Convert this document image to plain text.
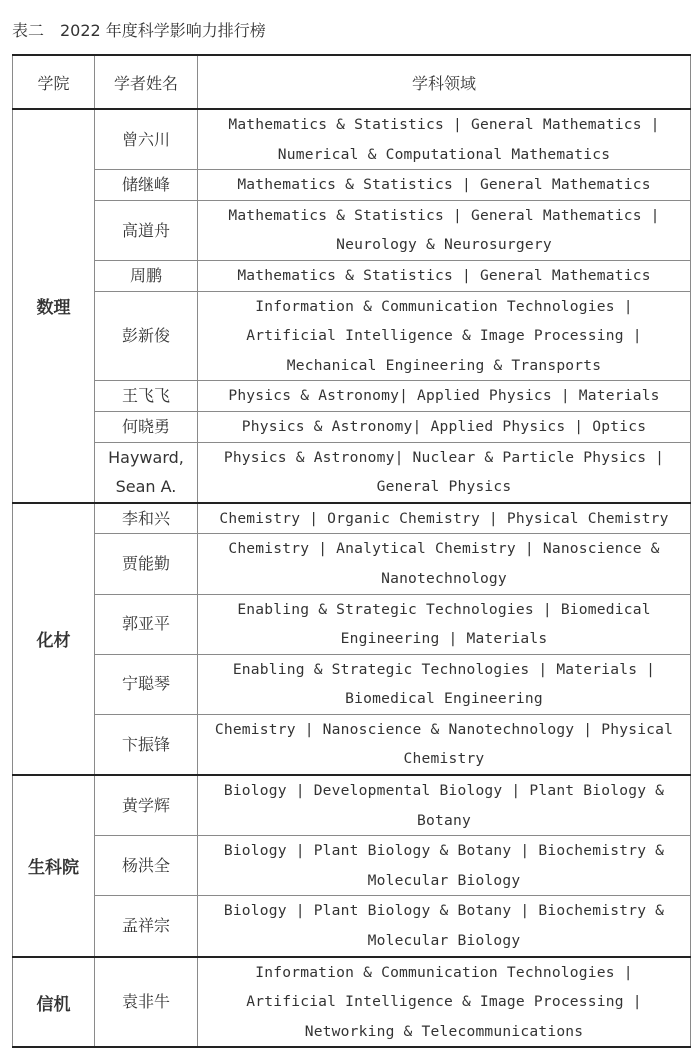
表二　2022 年度科学影响力排行榜
学院	学者姓名	学科领域
数理	曾六川	Mathematics & Statistics | General Mathematics | Numerical & Computational Mathematics
	储继峰	Mathematics & Statistics | General Mathematics
	高道舟	Mathematics & Statistics | General Mathematics | Neurology & Neurosurgery
	周鹏	Mathematics & Statistics | General Mathematics
	彭新俊	Information & Communication Technologies | Artificial Intelligence & Image Processing | Mechanical Engineering & Transports
	王飞飞	Physics & Astronomy| Applied Physics | Materials
	何晓勇	Physics & Astronomy| Applied Physics | Optics
	Hayward, Sean A.	Physics & Astronomy| Nuclear & Particle Physics | General Physics
化材	李和兴	Chemistry | Organic Chemistry | Physical Chemistry
	贾能勤	Chemistry | Analytical Chemistry | Nanoscience & Nanotechnology
	郭亚平	Enabling & Strategic Technologies | Biomedical Engineering | Materials
	宁聪琴	Enabling & Strategic Technologies | Materials | Biomedical Engineering
	卞振锋	Chemistry | Nanoscience & Nanotechnology | Physical Chemistry
生科院	黄学辉	Biology | Developmental Biology | Plant Biology & Botany
	杨洪全	Biology | Plant Biology & Botany | Biochemistry & Molecular Biology
	孟祥宗	Biology | Plant Biology & Botany | Biochemistry & Molecular Biology
信机	袁非牛	Information & Communication Technologies | Artificial Intelligence & Image Processing | Networking & Telecommunications
